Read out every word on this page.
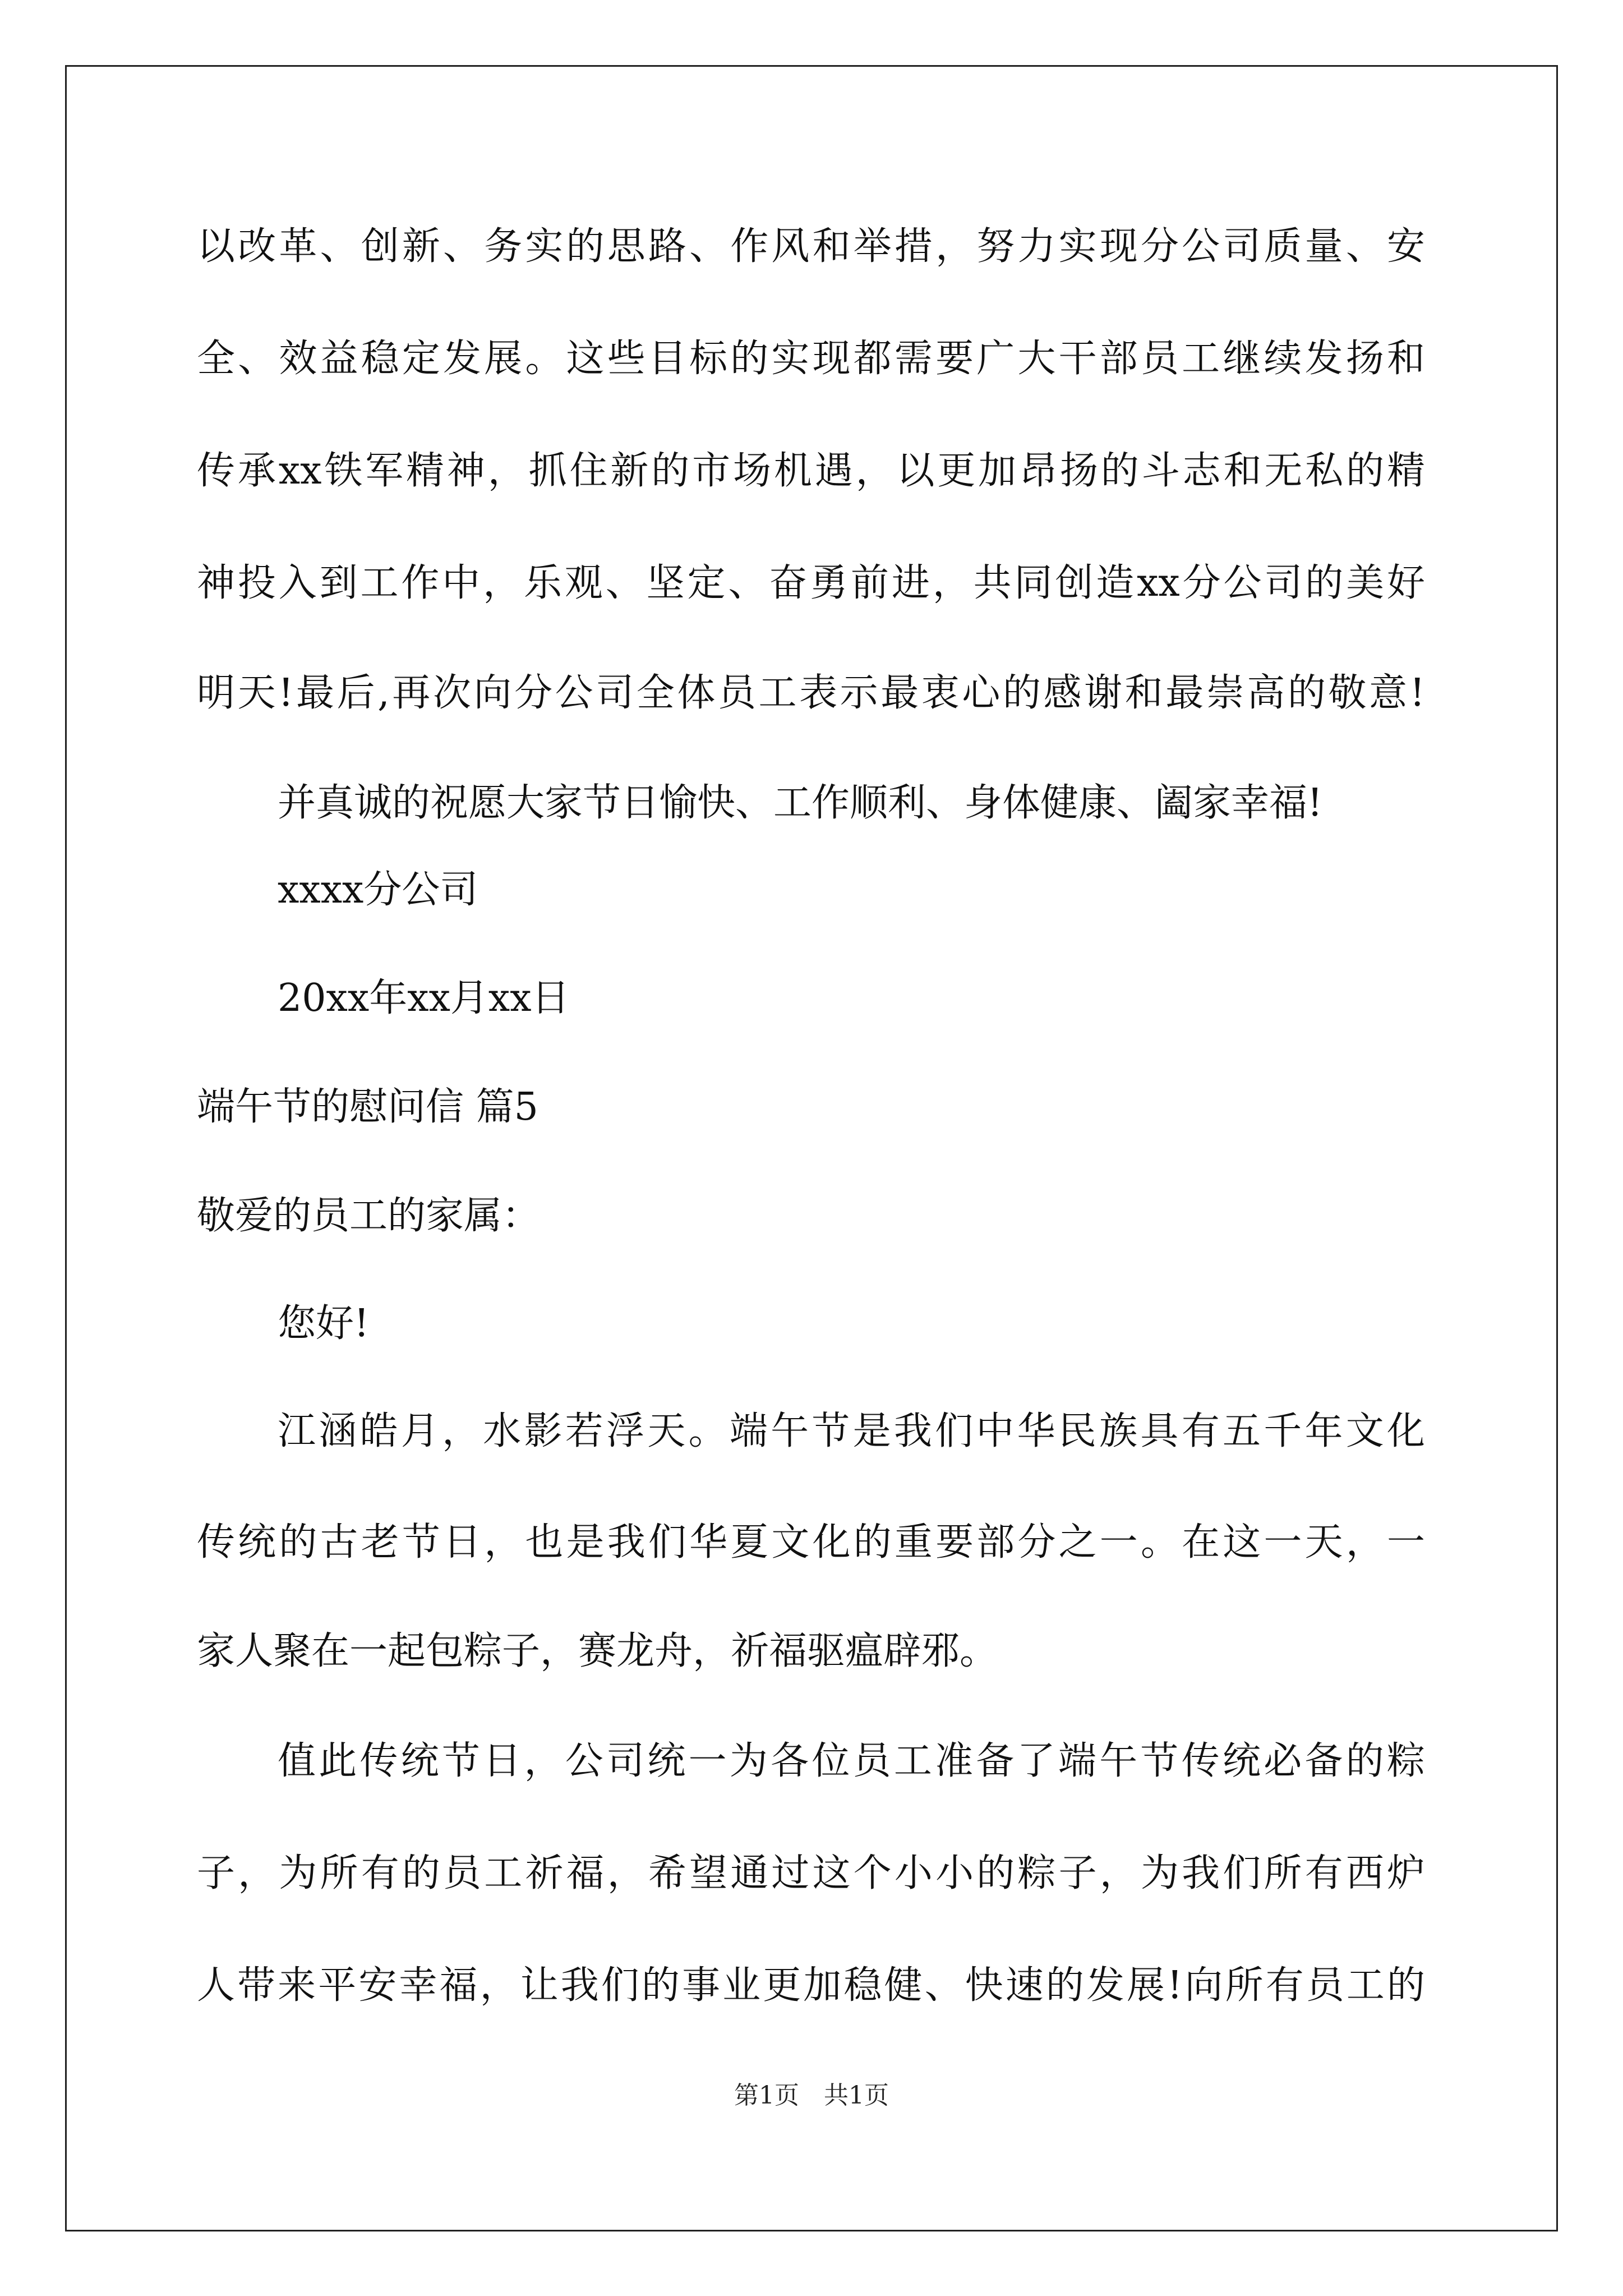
以改革、创新、务实的思路、作风和举措，努力实现分公司质量、安
全、效益稳定发展。这些目标的实现都需要广大干部员工继续发扬和
传承xx铁军精神，抓住新的市场机遇，以更加昂扬的斗志和无私的精
神投入到工作中，乐观、坚定、奋勇前进，共同创造xx分公司的美好
明天!最后,再次向分公司全体员工表示最衷心的感谢和最崇高的敬意!
并真诚的祝愿大家节日愉快、工作顺利、身体健康、阖家幸福!
xxxx分公司
20xx年xx月xx日
端午节的慰问信 篇5
敬爱的员工的家属：
您好!
江涵皓月，水影若浮天。端午节是我们中华民族具有五千年文化
传统的古老节日，也是我们华夏文化的重要部分之一。在这一天，一
家人聚在一起包粽子，赛龙舟，祈福驱瘟辟邪。
值此传统节日，公司统一为各位员工准备了端午节传统必备的粽
子，为所有的员工祈福，希望通过这个小小的粽子，为我们所有西炉
人带来平安幸福，让我们的事业更加稳健、快速的发展!向所有员工的
第1页　共1页
